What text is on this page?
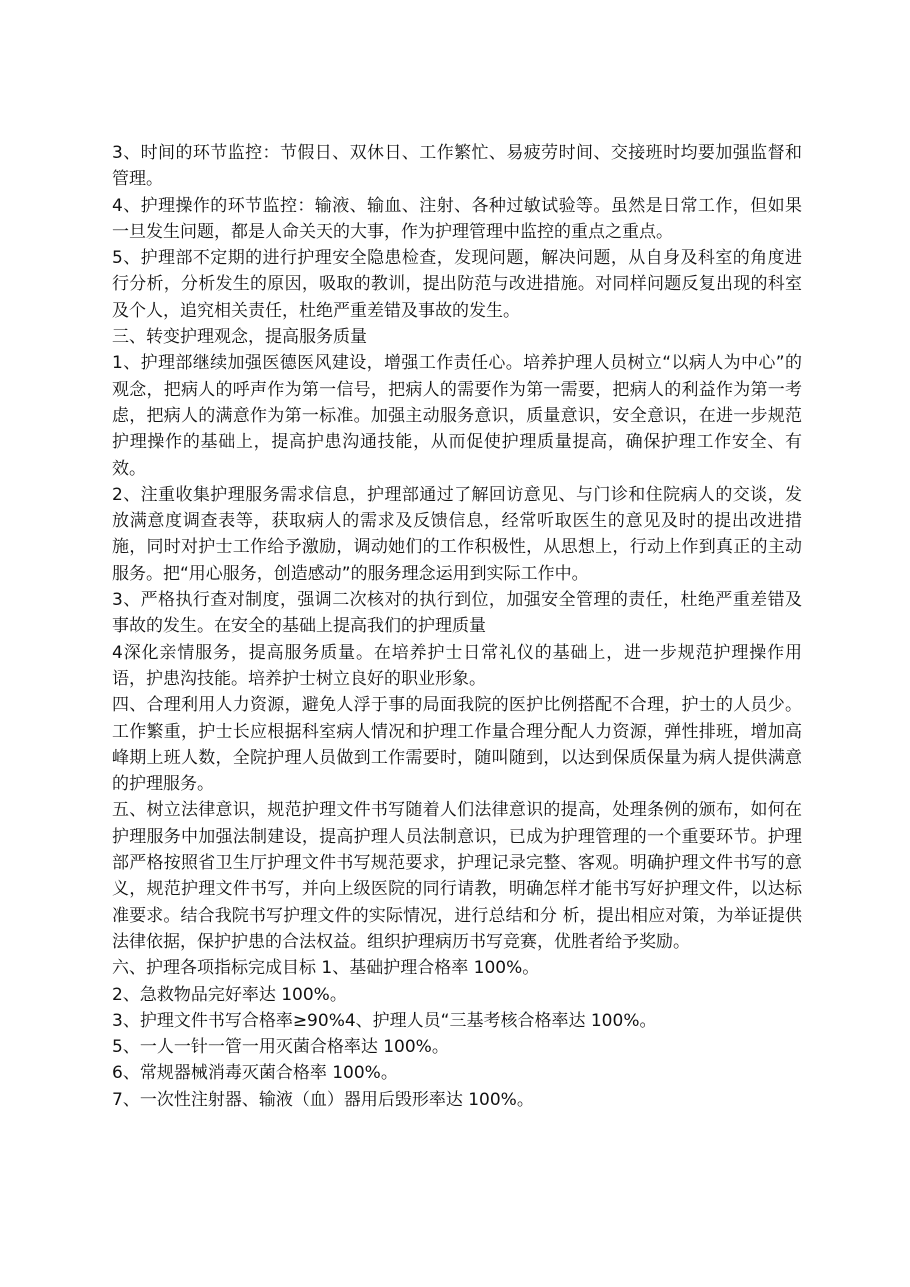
3、时间的环节监控：节假日、双休日、工作繁忙、易疲劳时间、交接班时均要加强监督和管理。

4、护理操作的环节监控：输液、输血、注射、各种过敏试验等。虽然是日常工作，但如果一旦发生问题，都是人命关天的大事，作为护理管理中监控的重点之重点。

5、护理部不定期的进行护理安全隐患检查，发现问题，解决问题，从自身及科室的角度进行分析，分析发生的原因，吸取的教训，提出防范与改进措施。对同样问题反复出现的科室及个人，追究相关责任，杜绝严重差错及事故的发生。

三、转变护理观念，提高服务质量

1、护理部继续加强医德医风建设，增强工作责任心。培养护理人员树立“以病人为中心”的观念，把病人的呼声作为第一信号，把病人的需要作为第一需要，把病人的利益作为第一考虑，把病人的满意作为第一标准。加强主动服务意识，质量意识，安全意识，在进一步规范护理操作的基础上，提高护患沟通技能，从而促使护理质量提高，确保护理工作安全、有效。

2、注重收集护理服务需求信息，护理部通过了解回访意见、与门诊和住院病人的交谈，发放满意度调查表等，获取病人的需求及反馈信息，经常听取医生的意见及时的提出改进措施，同时对护士工作给予激励，调动她们的工作积极性，从思想上，行动上作到真正的主动服务。把“用心服务，创造感动”的服务理念运用到实际工作中。

3、严格执行查对制度，强调二次核对的执行到位，加强安全管理的责任，杜绝严重差错及事故的发生。在安全的基础上提高我们的护理质量

4深化亲情服务，提高服务质量。在培养护士日常礼仪的基础上，进一步规范护理操作用语，护患沟技能。培养护士树立良好的职业形象。

四、合理利用人力资源，避免人浮于事的局面我院的医护比例搭配不合理，护士的人员少。工作繁重，护士长应根据科室病人情况和护理工作量合理分配人力资源，弹性排班，增加高峰期上班人数，全院护理人员做到工作需要时，随叫随到，以达到保质保量为病人提供满意的护理服务。

五、树立法律意识，规范护理文件书写随着人们法律意识的提高，处理条例的颁布，如何在护理服务中加强法制建设，提高护理人员法制意识，已成为护理管理的一个重要环节。护理部严格按照省卫生厅护理文件书写规范要求，护理记录完整、客观。明确护理文件书写的意义，规范护理文件书写，并向上级医院的同行请教，明确怎样才能书写好护理文件，以达标准要求。结合我院书写护理文件的实际情况，进行总结和分 析，提出相应对策，为举证提供法律依据，保护护患的合法权益。组织护理病历书写竞赛，优胜者给予奖励。

六、护理各项指标完成目标 1、基础护理合格率 100%。

2、急救物品完好率达 100%。

3、护理文件书写合格率≥90%4、护理人员“三基考核合格率达 100%。

5、一人一针一管一用灭菌合格率达 100%。

6、常规器械消毒灭菌合格率 100%。

7、一次性注射器、输液（血）器用后毁形率达 100%。
